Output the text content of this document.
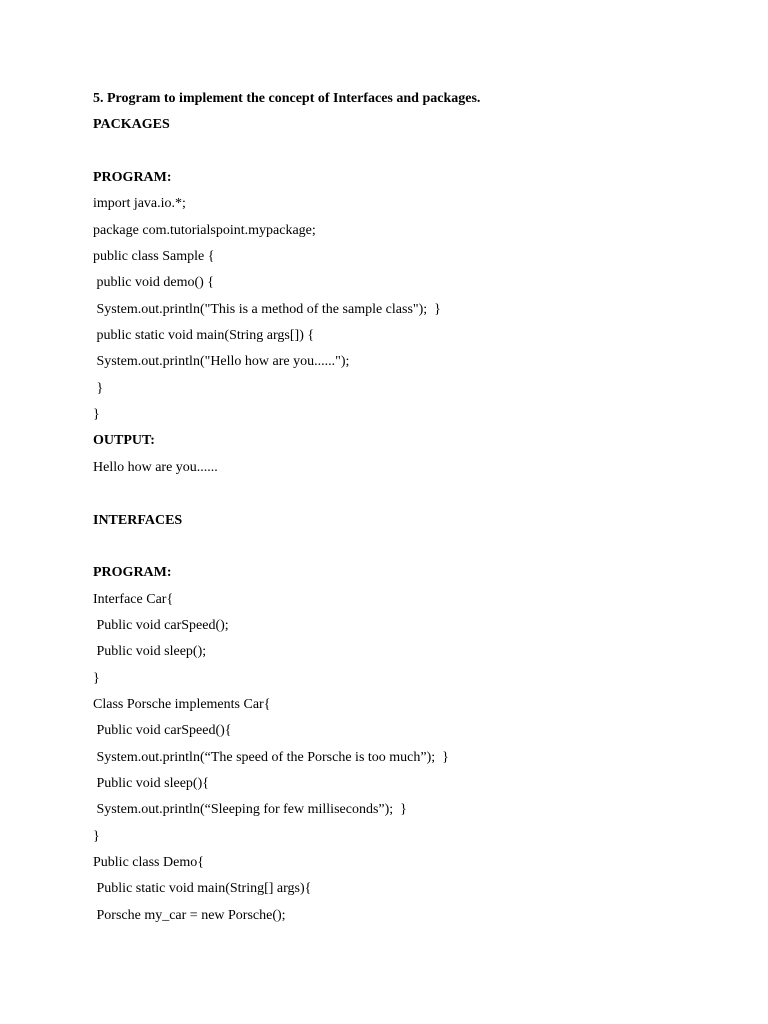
5. Program to implement the concept of Interfaces and packages.
PACKAGES
PROGRAM:
import java.io.*;
package com.tutorialspoint.mypackage;
public class Sample {
public void demo() {
System.out.println("This is a method of the sample class");  }
public static void main(String args[]) {
System.out.println("Hello how are you......");
}
}
OUTPUT:
Hello how are you......
INTERFACES
PROGRAM:
Interface Car{
Public void carSpeed();
Public void sleep();
}
Class Porsche implements Car{
Public void carSpeed(){
System.out.println(“The speed of the Porsche is too much”);  }
Public void sleep(){
System.out.println(“Sleeping for few milliseconds”);  }
}
Public class Demo{
Public static void main(String[] args){
Porsche my_car = new Porsche();
